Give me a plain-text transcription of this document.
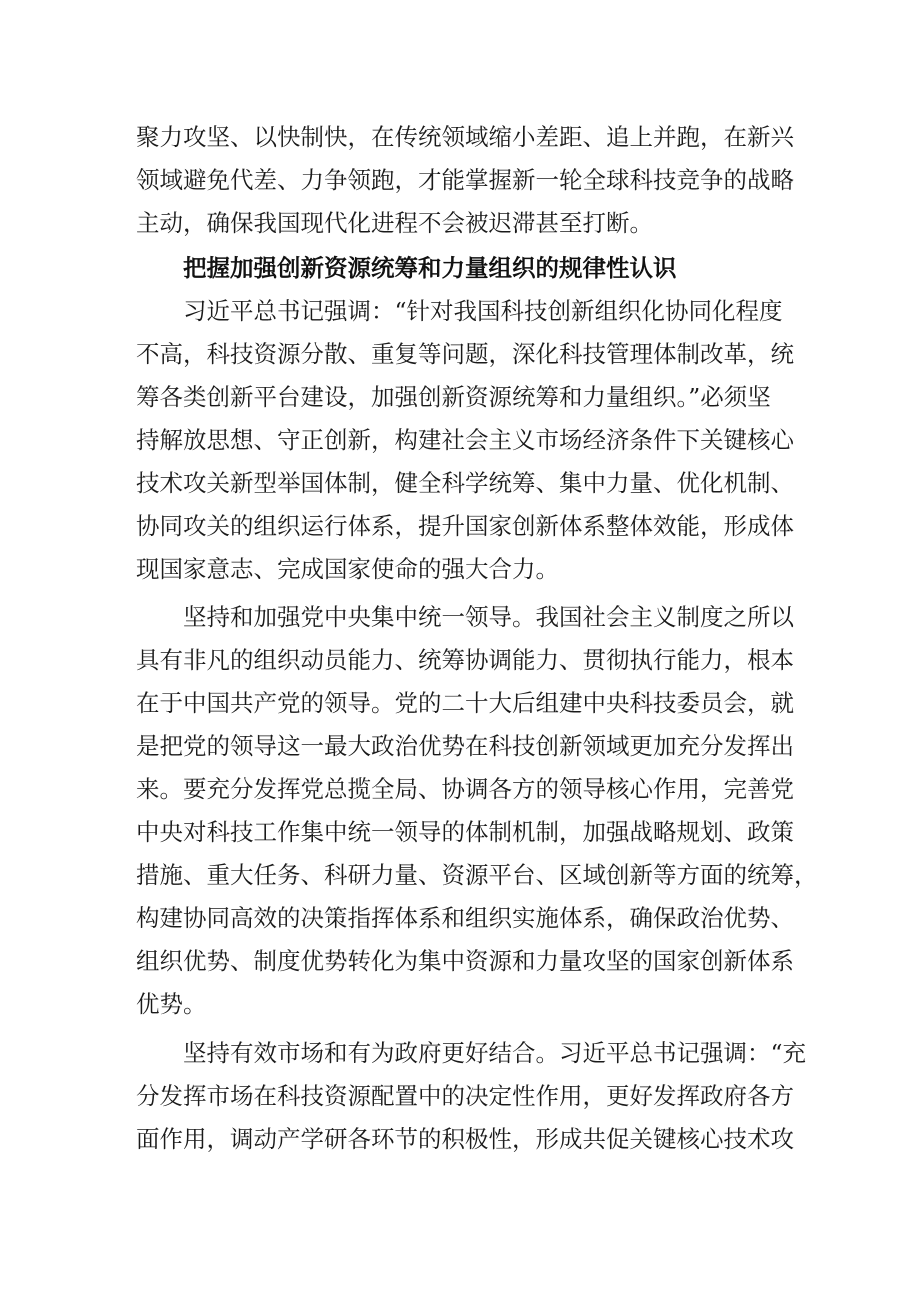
聚力攻坚、以快制快，在传统领域缩小差距、追上并跑，在新兴
领域避免代差、力争领跑，才能掌握新一轮全球科技竞争的战略
主动，确保我国现代化进程不会被迟滞甚至打断。
把握加强创新资源统筹和力量组织的规律性认识
习近平总书记强调：“针对我国科技创新组织化协同化程度
不高，科技资源分散、重复等问题，深化科技管理体制改革，统
筹各类创新平台建设，加强创新资源统筹和力量组织。”必须坚
持解放思想、守正创新，构建社会主义市场经济条件下关键核心
技术攻关新型举国体制，健全科学统筹、集中力量、优化机制、
协同攻关的组织运行体系，提升国家创新体系整体效能，形成体
现国家意志、完成国家使命的强大合力。
坚持和加强党中央集中统一领导。我国社会主义制度之所以
具有非凡的组织动员能力、统筹协调能力、贯彻执行能力，根本
在于中国共产党的领导。党的二十大后组建中央科技委员会，就
是把党的领导这一最大政治优势在科技创新领域更加充分发挥出
来。要充分发挥党总揽全局、协调各方的领导核心作用，完善党
中央对科技工作集中统一领导的体制机制，加强战略规划、政策
措施、重大任务、科研力量、资源平台、区域创新等方面的统筹，
构建协同高效的决策指挥体系和组织实施体系，确保政治优势、
组织优势、制度优势转化为集中资源和力量攻坚的国家创新体系
优势。
坚持有效市场和有为政府更好结合。习近平总书记强调：“充
分发挥市场在科技资源配置中的决定性作用，更好发挥政府各方
面作用，调动产学研各环节的积极性，形成共促关键核心技术攻
